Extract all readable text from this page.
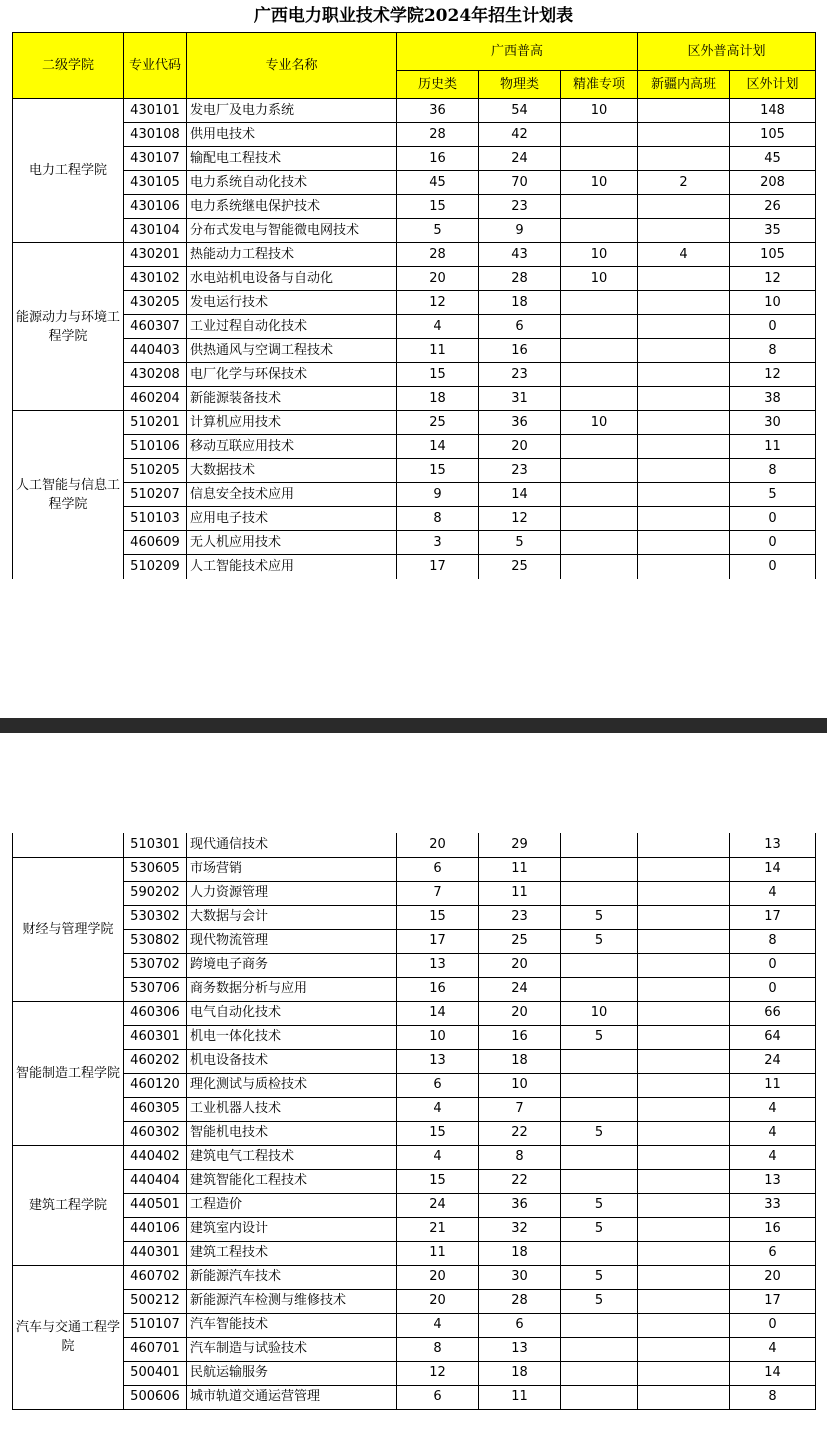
广西电力职业技术学院2024年招生计划表
二级学院	专业代码	专业名称	广西普高			区外普高计划	
			历史类	物理类	精准专项	新疆内高班	区外计划
电力工程学院	430101	发电厂及电力系统	36	54	10		148
	430108	供用电技术	28	42			105
	430107	输配电工程技术	16	24			45
	430105	电力系统自动化技术	45	70	10	2	208
	430106	电力系统继电保护技术	15	23			26
	430104	分布式发电与智能微电网技术	5	9			35
能源动力与环境工程学院	430201	热能动力工程技术	28	43	10	4	105
	430102	水电站机电设备与自动化	20	28	10		12
	430205	发电运行技术	12	18			10
	460307	工业过程自动化技术	4	6			0
	440403	供热通风与空调工程技术	11	16			8
	430208	电厂化学与环保技术	15	23			12
	460204	新能源装备技术	18	31			38
人工智能与信息工程学院	510201	计算机应用技术	25	36	10		30
	510106	移动互联应用技术	14	20			11
	510205	大数据技术	15	23			8
	510207	信息安全技术应用	9	14			5
	510103	应用电子技术	8	12			0
	460609	无人机应用技术	3	5			0
	510209	人工智能技术应用	17	25			0
	510301	现代通信技术	20	29			13
财经与管理学院	530605	市场营销	6	11			14
	590202	人力资源管理	7	11			4
	530302	大数据与会计	15	23	5		17
	530802	现代物流管理	17	25	5		8
	530702	跨境电子商务	13	20			0
	530706	商务数据分析与应用	16	24			0
智能制造工程学院	460306	电气自动化技术	14	20	10		66
	460301	机电一体化技术	10	16	5		64
	460202	机电设备技术	13	18			24
	460120	理化测试与质检技术	6	10			11
	460305	工业机器人技术	4	7			4
	460302	智能机电技术	15	22	5		4
建筑工程学院	440402	建筑电气工程技术	4	8			4
	440404	建筑智能化工程技术	15	22			13
	440501	工程造价	24	36	5		33
	440106	建筑室内设计	21	32	5		16
	440301	建筑工程技术	11	18			6
汽车与交通工程学院	460702	新能源汽车技术	20	30	5		20
	500212	新能源汽车检测与维修技术	20	28	5		17
	510107	汽车智能技术	4	6			0
	460701	汽车制造与试验技术	8	13			4
	500401	民航运输服务	12	18			14
	500606	城市轨道交通运营管理	6	11			8
